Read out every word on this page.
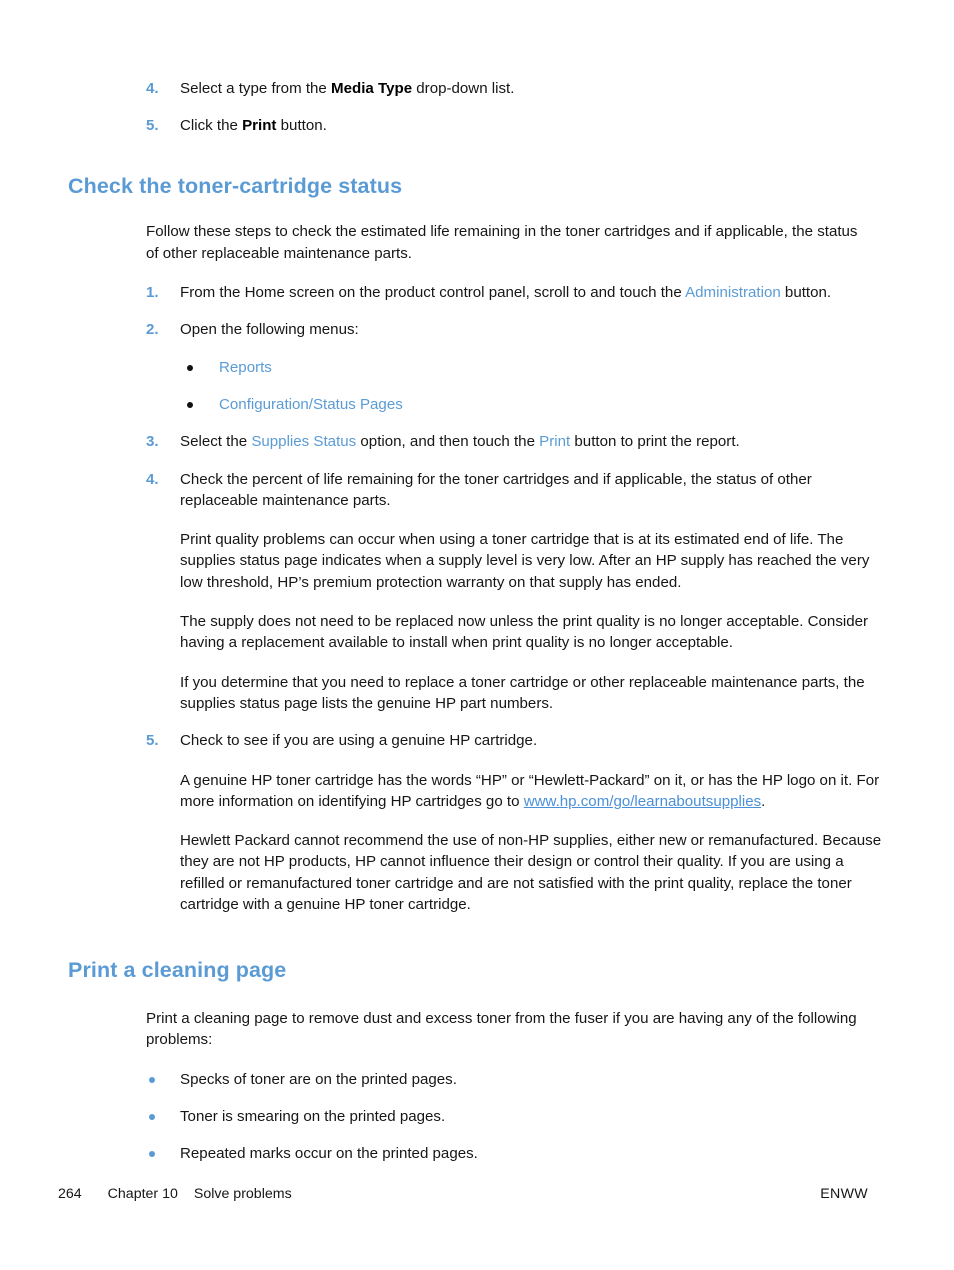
4.	Select a type from the Media Type drop-down list.
5.	Click the Print button.
Check the toner-cartridge status

Follow these steps to check the estimated life remaining in the toner cartridges and if applicable, the status of other replaceable maintenance parts.

1.	From the Home screen on the product control panel, scroll to and touch the Administration button.
2.	Open the following menus:
Reports
Configuration/Status Pages
3.	Select the Supplies Status option, and then touch the Print button to print the report.
4.	Check the percent of life remaining for the toner cartridges and if applicable, the status of other replaceable maintenance parts.
Print quality problems can occur when using a toner cartridge that is at its estimated end of life. The supplies status page indicates when a supply level is very low. After an HP supply has reached the very low threshold, HP’s premium protection warranty on that supply has ended.
The supply does not need to be replaced now unless the print quality is no longer acceptable. Consider having a replacement available to install when print quality is no longer acceptable.
If you determine that you need to replace a toner cartridge or other replaceable maintenance parts, the supplies status page lists the genuine HP part numbers.
5.	Check to see if you are using a genuine HP cartridge.
A genuine HP toner cartridge has the words “HP” or “Hewlett-Packard” on it, or has the HP logo on it. For more information on identifying HP cartridges go to www.hp.com/go/learnaboutsupplies.
Hewlett Packard cannot recommend the use of non-HP supplies, either new or remanufactured. Because they are not HP products, HP cannot influence their design or control their quality. If you are using a refilled or remanufactured toner cartridge and are not satisfied with the print quality, replace the toner cartridge with a genuine HP toner cartridge.
Print a cleaning page

Print a cleaning page to remove dust and excess toner from the fuser if you are having any of the following problems:

Specks of toner are on the printed pages.
Toner is smearing on the printed pages.
Repeated marks occur on the printed pages.
264 Chapter 10 Solve problems	ENWW
